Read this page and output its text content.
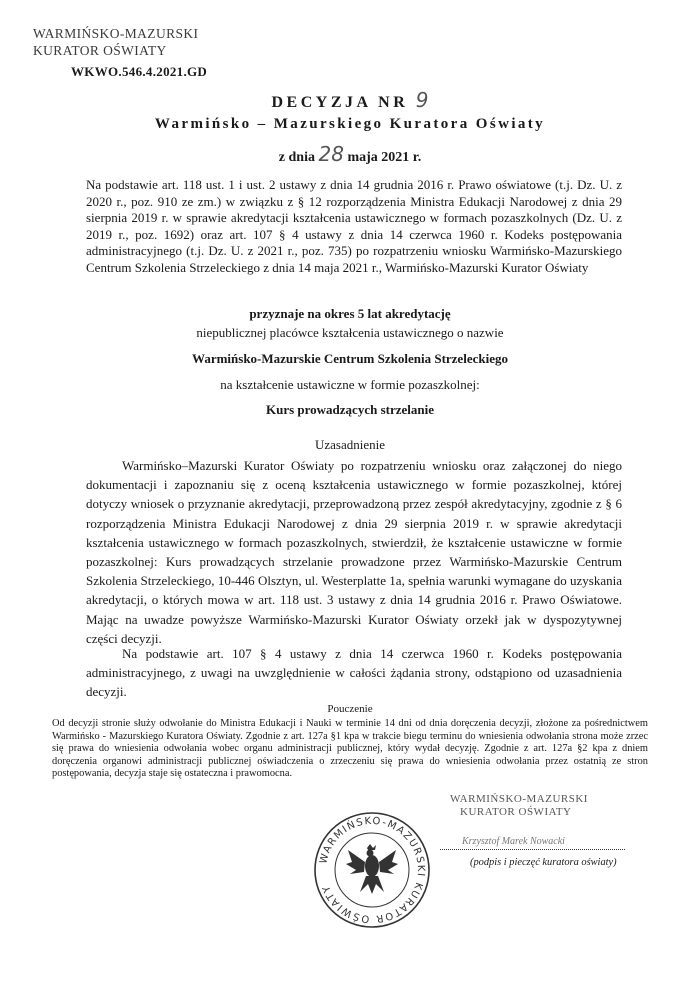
WARMIŃSKO-MAZURSKI
KURATOR OŚWIATY
WKWO.546.4.2021.GD
DECYZJA NR 9
Warmińsko – Mazurskiego Kuratora Oświaty
z dnia 28 maja 2021 r.
Na podstawie art. 118 ust. 1 i ust. 2 ustawy z dnia 14 grudnia 2016 r. Prawo oświatowe (t.j. Dz. U. z 2020 r., poz. 910 ze zm.) w związku z § 12 rozporządzenia Ministra Edukacji Narodowej z dnia 29 sierpnia 2019 r. w sprawie akredytacji kształcenia ustawicznego w formach pozaszkolnych (Dz. U. z 2019 r., poz. 1692) oraz art. 107 § 4 ustawy z dnia 14 czerwca 1960 r. Kodeks postępowania administracyjnego (t.j. Dz. U. z 2021 r., poz. 735) po rozpatrzeniu wniosku Warmińsko-Mazurskiego Centrum Szkolenia Strzeleckiego z dnia 14 maja 2021 r., Warmińsko-Mazurski Kurator Oświaty
przyznaje na okres 5 lat akredytację
niepublicznej placówce kształcenia ustawicznego o nazwie
Warmińsko-Mazurskie Centrum Szkolenia Strzeleckiego
na kształcenie ustawiczne w formie pozaszkolnej:
Kurs prowadzących strzelanie
Uzasadnienie
Warmińsko–Mazurski Kurator Oświaty po rozpatrzeniu wniosku oraz załączonej do niego dokumentacji i zapoznaniu się z oceną kształcenia ustawicznego w formie pozaszkolnej, której dotyczy wniosek o przyznanie akredytacji, przeprowadzoną przez zespół akredytacyjny, zgodnie z § 6 rozporządzenia Ministra Edukacji Narodowej z dnia 29 sierpnia 2019 r. w sprawie akredytacji kształcenia ustawicznego w formach pozaszkolnych, stwierdził, że kształcenie ustawiczne w formie pozaszkolnej: Kurs prowadzących strzelanie prowadzone przez Warmińsko-Mazurskie Centrum Szkolenia Strzeleckiego, 10-446 Olsztyn, ul. Westerplatte 1a, spełnia warunki wymagane do uzyskania akredytacji, o których mowa w art. 118 ust. 3 ustawy z dnia 14 grudnia 2016 r. Prawo Oświatowe. Mając na uwadze powyższe Warmińsko-Mazurski Kurator Oświaty orzekł jak w dyspozytywnej części decyzji.
Na podstawie art. 107 § 4 ustawy z dnia 14 czerwca 1960 r. Kodeks postępowania administracyjnego, z uwagi na uwzględnienie w całości żądania strony, odstąpiono od uzasadnienia decyzji.
Pouczenie
Od decyzji stronie służy odwołanie do Ministra Edukacji i Nauki w terminie 14 dni od dnia doręczenia decyzji, złożone za pośrednictwem Warmińsko - Mazurskiego Kuratora Oświaty. Zgodnie z art. 127a §1 kpa w trakcie biegu terminu do wniesienia odwołania strona może zrzec się prawa do wniesienia odwołania wobec organu administracji publicznej, który wydał decyzję. Zgodnie z art. 127a §2 kpa z dniem doręczenia organowi administracji publicznej oświadczenia o zrzeczeniu się prawa do wniesienia odwołania przez ostatnią ze stron postępowania, decyzja staje się ostateczna i prawomocna.
WARMIŃSKO-MAZURSKI KURATOR OŚWIATY
WARMIŃSKO-MAZURSKI
KURATOR OŚWIATY
Krzysztof Marek Nowacki
(podpis i pieczęć kuratora oświaty)
